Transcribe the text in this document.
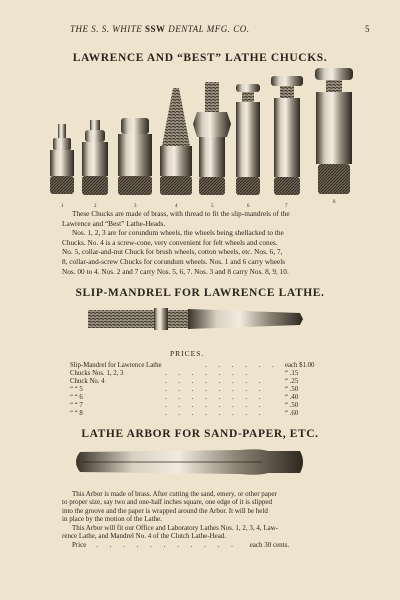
THE S. S. WHITE SSW DENTAL MFG. CO.	5
LAWRENCE AND “BEST” LATHE CHUCKS.
1	2	3	4	5	6	7
8
These Chucks are made of brass, with thread to fit the slip-mandrels of the
Lawrence and “Best” Lathe-Heads.
Nos. 1, 2, 3 are for corundum wheels, the wheels being shellacked to the
Chucks. No. 4 is a screw-cone, very convenient for felt wheels and cones.
No. 5, collar-and-nut Chuck for brush wheels, cotton wheels, etc. Nos. 6, 7,
8, collar-and-screw Chucks for corundum wheels. Nos. 1 and 6 carry wheels
Nos. 00 to 4. Nos. 2 and 7 carry Nos. 5, 6, 7. Nos. 3 and 8 carry Nos. 8, 9, 10.
SLIP-MANDREL FOR LAWRENCE LATHE.
PRICES.
Slip-Mandrel for Lawrence Lathe	. . . . . . each $1.00
Chucks Nos. 1, 2, 3	. . . . . . .	“ .15
Chuck No. 4	. . . . . . . .	“ .25
“ “ 5	. . . . . . . .	“ .50
“ “ 6	. . . . . . . .	“ .40
“ “ 7	. . . . . . . .	“ .50
“ “ 8	. . . . . . . .	“ .60
LATHE ARBOR FOR SAND-PAPER, ETC.
This Arbor is made of brass. After cutting the sand, emery, or other paper
to proper size, say two and one-half inches square, one edge of it is slipped
into the groove and the paper is wrapped around the Arbor. It will be held
in place by the motion of the Lathe.
This Arbor will fit our Office and Laboratory Lathes Nos. 1, 2, 3, 4, Law-
rence Lathe, and Mandrel No. 4 of the Clutch Lathe-Head.
Price . . . . . . . . . . . each 30 cents.
